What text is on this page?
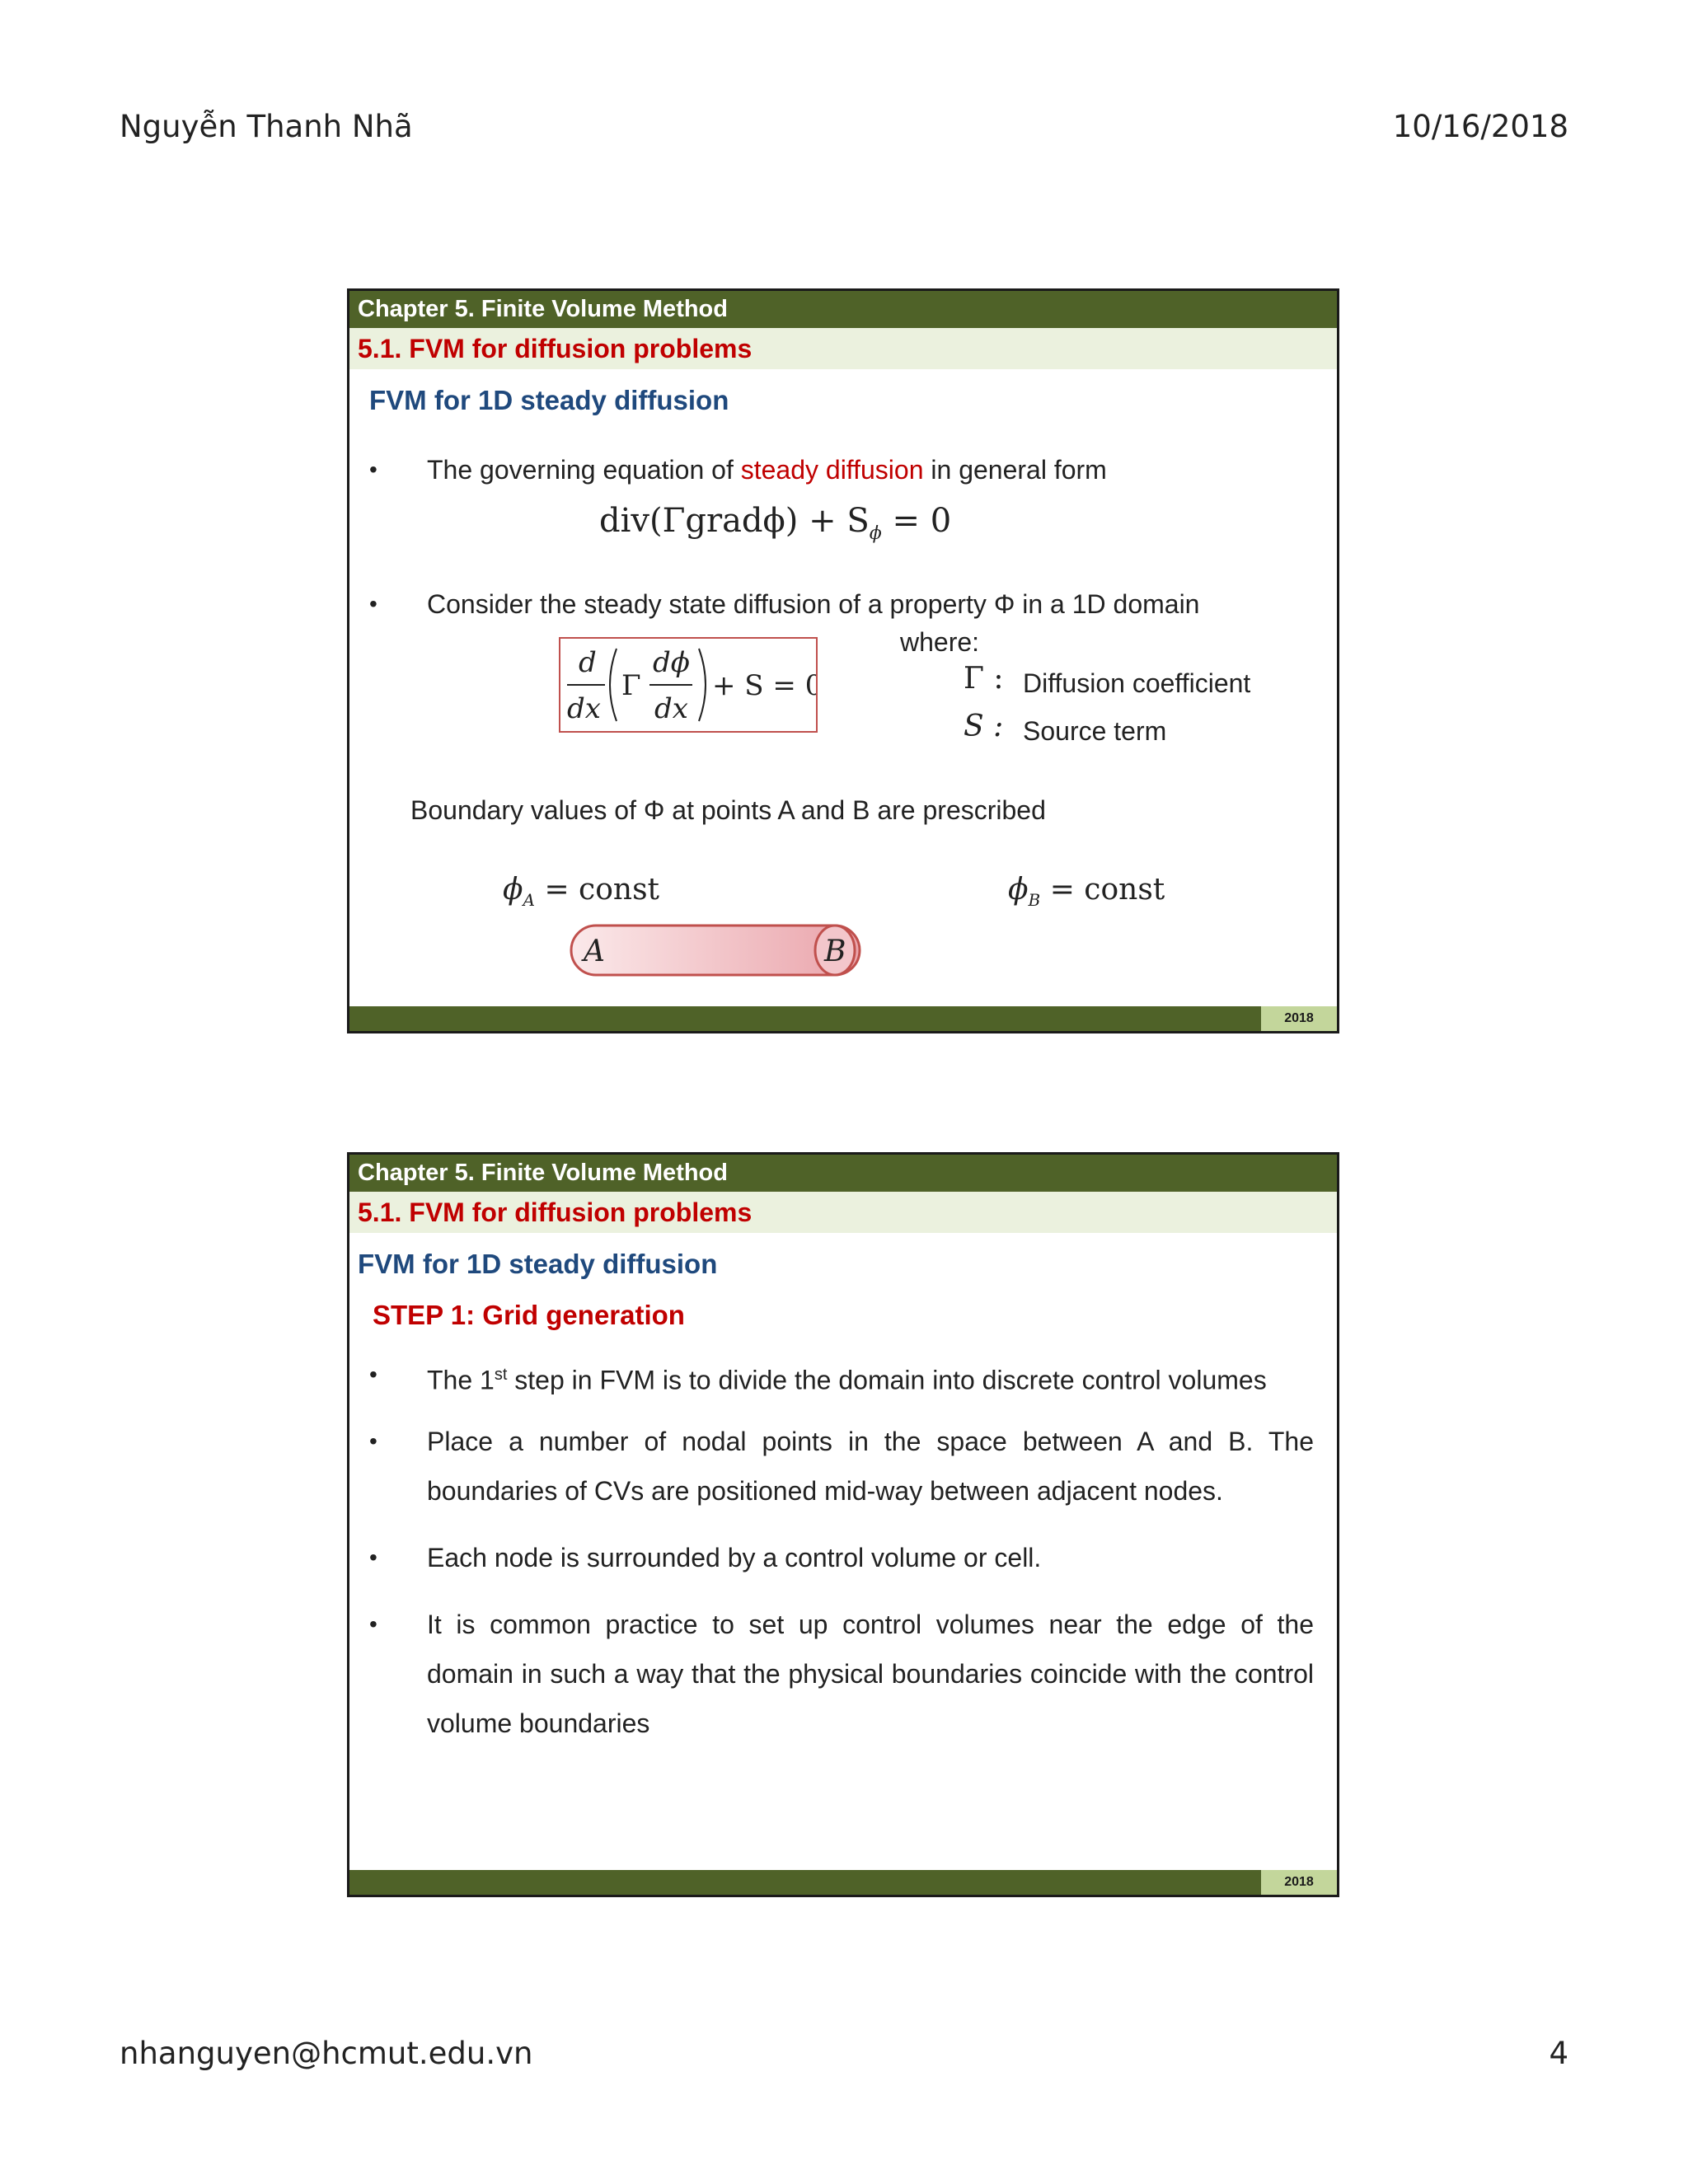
Nguyễn Thanh Nhã	10/16/2018
Chapter 5. Finite Volume Method
5.1. FVM for diffusion problems
FVM for 1D steady diffusion
• The governing equation of steady diffusion in general form
div(Γgradϕ) + $S_\phi = 0$
• Consider the steady state diffusion of a property Φ in a 1D domain
d
dx
Γ
dϕ
dx
+ S = 0
where:
Γ : Diffusion coefficient
S : Source term
Boundary values of Φ at points A and B are prescribed
$\phi_A$ = const	$\phi_B$ = const
A	B
2018
Chapter 5. Finite Volume Method
5.1. FVM for diffusion problems
FVM for 1D steady diffusion
STEP 1: Grid generation
• The 1st step in FVM is to divide the domain into discrete control volumes
• Place a number of nodal points in the space between A and B. The boundaries of CVs are positioned mid-way between adjacent nodes.
• Each node is surrounded by a control volume or cell.
• It is common practice to set up control volumes near the edge of the domain in such a way that the physical boundaries coincide with the control volume boundaries
2018
nhanguyen@hcmut.edu.vn	4
